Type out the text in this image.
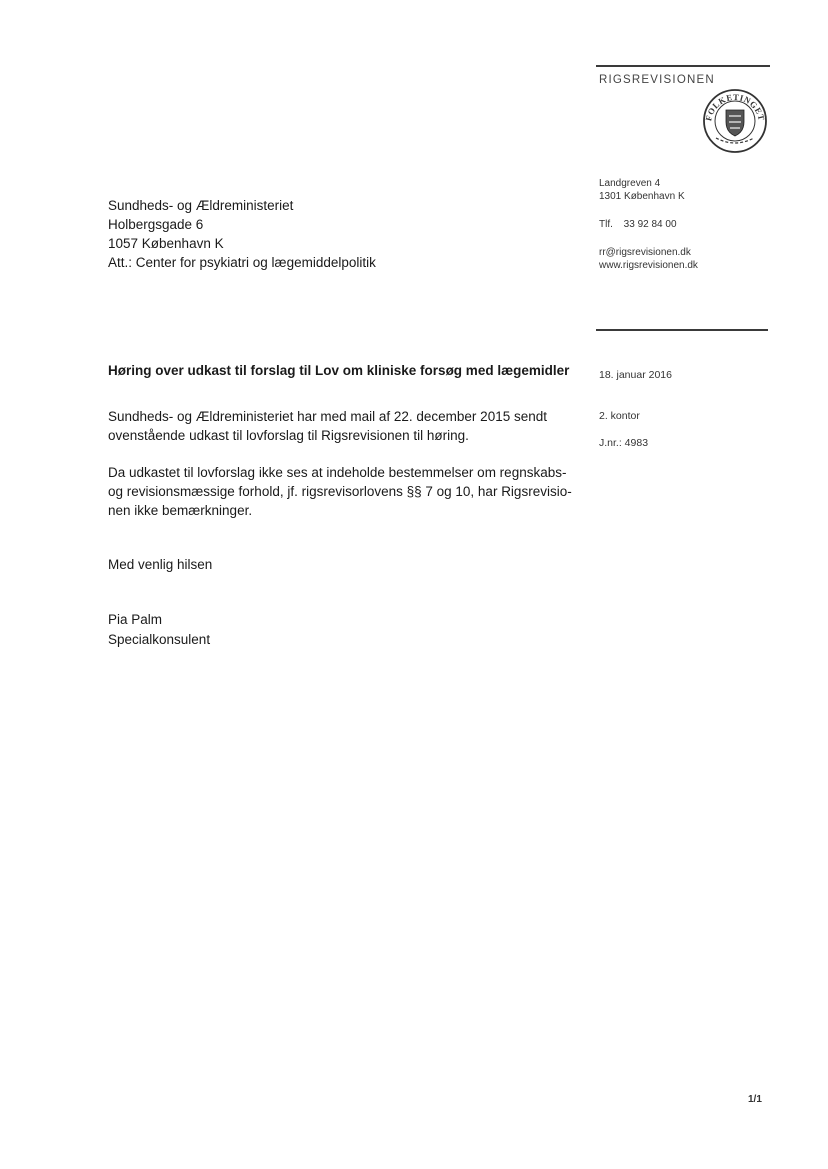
RIGSREVISIONEN
FOLKETINGET
Landgreven 4
1301 København K
Tlf. 33 92 84 00
rr@rigsrevisionen.dk
www.rigsrevisionen.dk
Sundheds- og Ældreministeriet
Holbergsgade 6
1057 København K
Att.: Center for psykiatri og lægemiddelpolitik
Høring over udkast til forslag til Lov om kliniske forsøg med lægemidler	18. januar 2016
2. kontor
J.nr.: 4983
Sundheds- og Ældreministeriet har med mail af 22. december 2015 sendt
ovenstående udkast til lovforslag til Rigsrevisionen til høring.
Da udkastet til lovforslag ikke ses at indeholde bestemmelser om regnskabs-
og revisionsmæssige forhold, jf. rigsrevisorlovens §§ 7 og 10, har Rigsrevisio-
nen ikke bemærkninger.
Med venlig hilsen
Pia Palm
Specialkonsulent
1/1
